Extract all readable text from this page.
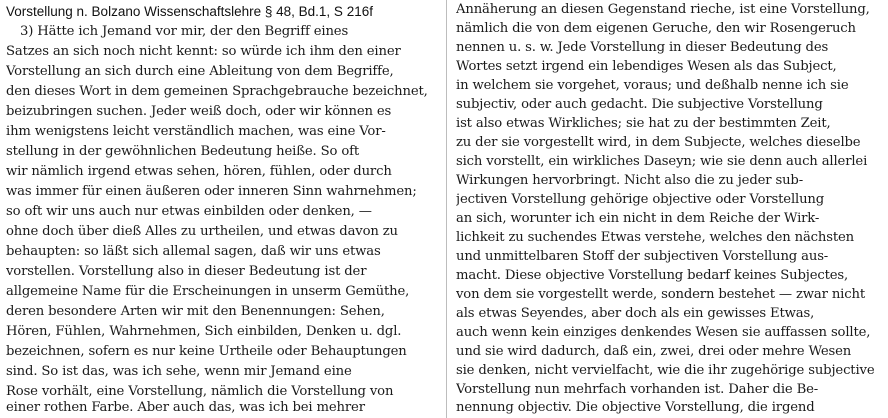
Vorstellung n. Bolzano Wissenschaftslehre § 48, Bd.1, S 216f
3) Hätte ich Jemand vor mir, der den Begriff eines
Satzes an sich noch nicht kennt: so würde ich ihm den einer
Vorstellung an sich durch eine Ableitung von dem Begriffe,
den dieses Wort in dem gemeinen Sprachgebrauche bezeichnet,
beizubringen suchen. Jeder weiß doch, oder wir können es
ihm wenigstens leicht verständlich machen, was eine Vor-
stellung in der gewöhnlichen Bedeutung heiße. So oft
wir nämlich irgend etwas sehen, hören, fühlen, oder durch
was immer für einen äußeren oder inneren Sinn wahrnehmen;
so oft wir uns auch nur etwas einbilden oder denken, —
ohne doch über dieß Alles zu urtheilen, und etwas davon zu
behaupten: so läßt sich allemal sagen, daß wir uns etwas
vorstellen. Vorstellung also in dieser Bedeutung ist der
allgemeine Name für die Erscheinungen in unserm Gemüthe,
deren besondere Arten wir mit den Benennungen: Sehen,
Hören, Fühlen, Wahrnehmen, Sich einbilden, Denken u. dgl.
bezeichnen, sofern es nur keine Urtheile oder Behauptungen
sind. So ist das, was ich sehe, wenn mir Jemand eine
Rose vorhält, eine Vorstellung, nämlich die Vorstellung von
einer rothen Farbe. Aber auch das, was ich bei mehrer
Annäherung an diesen Gegenstand rieche, ist eine Vorstellung,
nämlich die von dem eigenen Geruche, den wir Rosengeruch
nennen u. s. w. Jede Vorstellung in dieser Bedeutung des
Wortes setzt irgend ein lebendiges Wesen als das Subject,
in welchem sie vorgehet, voraus; und deßhalb nenne ich sie
subjectiv, oder auch gedacht. Die subjective Vorstellung
ist also etwas Wirkliches; sie hat zu der bestimmten Zeit,
zu der sie vorgestellt wird, in dem Subjecte, welches dieselbe
sich vorstellt, ein wirkliches Daseyn; wie sie denn auch allerlei
Wirkungen hervorbringt. Nicht also die zu jeder sub-
jectiven Vorstellung gehörige objective oder Vorstellung
an sich, worunter ich ein nicht in dem Reiche der Wirk-
lichkeit zu suchendes Etwas verstehe, welches den nächsten
und unmittelbaren Stoff der subjectiven Vorstellung aus-
macht. Diese objective Vorstellung bedarf keines Subjectes,
von dem sie vorgestellt werde, sondern bestehet — zwar nicht
als etwas Seyendes, aber doch als ein gewisses Etwas,
auch wenn kein einziges denkendes Wesen sie auffassen sollte,
und sie wird dadurch, daß ein, zwei, drei oder mehre Wesen
sie denken, nicht vervielfacht, wie die ihr zugehörige subjective
Vorstellung nun mehrfach vorhanden ist. Daher die Be-
nennung objectiv. Die objective Vorstellung, die irgend
